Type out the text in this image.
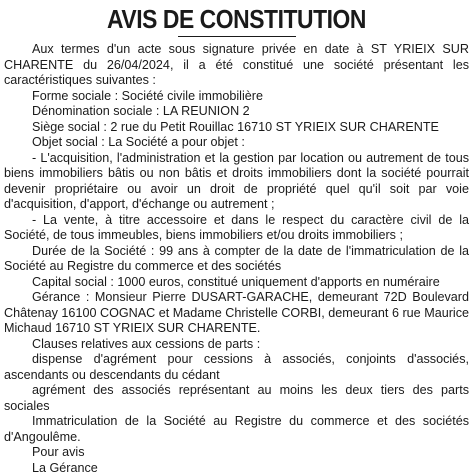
AVIS DE CONSTITUTION

Aux termes d'un acte sous signature privée en date à ST YRIEIX SUR CHARENTE du 26/04/2024, il a été constitué une société présentant les caractéristiques suivantes :

Forme sociale : Société civile immobilière

Dénomination sociale : LA REUNION 2

Siège social : 2 rue du Petit Rouillac 16710 ST YRIEIX SUR CHARENTE

Objet social : La Société a pour objet :

- L'acquisition, l'administration et la gestion par location ou autrement de tous biens immobiliers bâtis ou non bâtis et droits immobiliers dont la société pourrait devenir propriétaire ou avoir un droit de propriété quel qu'il soit par voie d'acquisition, d'apport, d'échange ou autrement ;

- La vente, à titre accessoire et dans le respect du caractère civil de la Société, de tous immeubles, biens immobiliers et/ou droits immobiliers ;

Durée de la Société : 99 ans à compter de la date de l'immatriculation de la Société au Registre du commerce et des sociétés

Capital social : 1000 euros, constitué uniquement d'apports en numéraire

Gérance : Monsieur Pierre DUSART-GARACHE, demeurant 72D Boulevard Châtenay 16100 COGNAC et Madame Christelle CORBI, demeurant 6 rue Maurice Michaud 16710 ST YRIEIX SUR CHARENTE.

Clauses relatives aux cessions de parts :

dispense d'agrément pour cessions à associés, conjoints d'associés, ascendants ou descendants du cédant

agrément des associés représentant au moins les deux tiers des parts sociales

Immatriculation de la Société au Registre du commerce et des sociétés d'Angoulême.

Pour avis

La Gérance
